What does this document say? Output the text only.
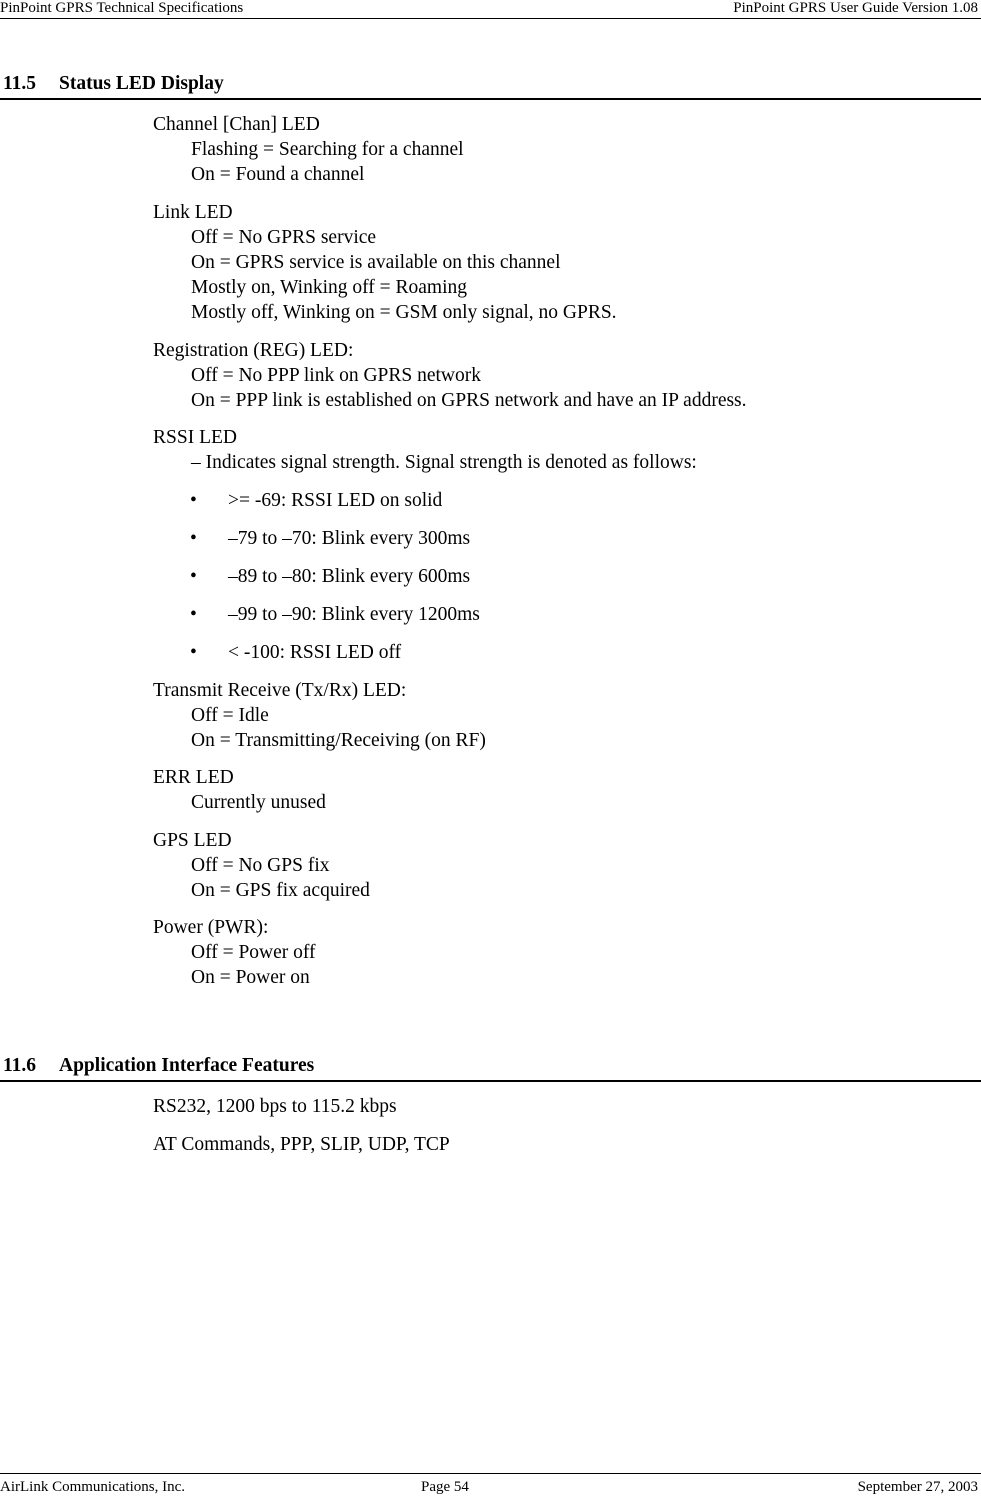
PinPoint GPRS Technical Specifications	PinPoint GPRS User Guide Version 1.08
11.5 Status LED Display
Channel [Chan] LED
Flashing = Searching for a channel
On = Found a channel
Link LED
Off = No GPRS service
On = GPRS service is available on this channel
Mostly on, Winking off = Roaming
Mostly off, Winking on = GSM only signal, no GPRS.
Registration (REG) LED:
Off = No PPP link on GPRS network
On = PPP link is established on GPRS network and have an IP address.
RSSI LED
– Indicates signal strength. Signal strength is denoted as follows:
• >= -69: RSSI LED on solid
• –79 to –70: Blink every 300ms
• –89 to –80: Blink every 600ms
• –99 to –90: Blink every 1200ms
• < -100: RSSI LED off
Transmit Receive (Tx/Rx) LED:
Off = Idle
On = Transmitting/Receiving (on RF)
ERR LED
Currently unused
GPS LED
Off = No GPS fix
On = GPS fix acquired
Power (PWR):
Off = Power off
On = Power on
11.6 Application Interface Features
RS232, 1200 bps to 115.2 kbps
AT Commands, PPP, SLIP, UDP, TCP
AirLink Communications, Inc.	Page 54	September 27, 2003
